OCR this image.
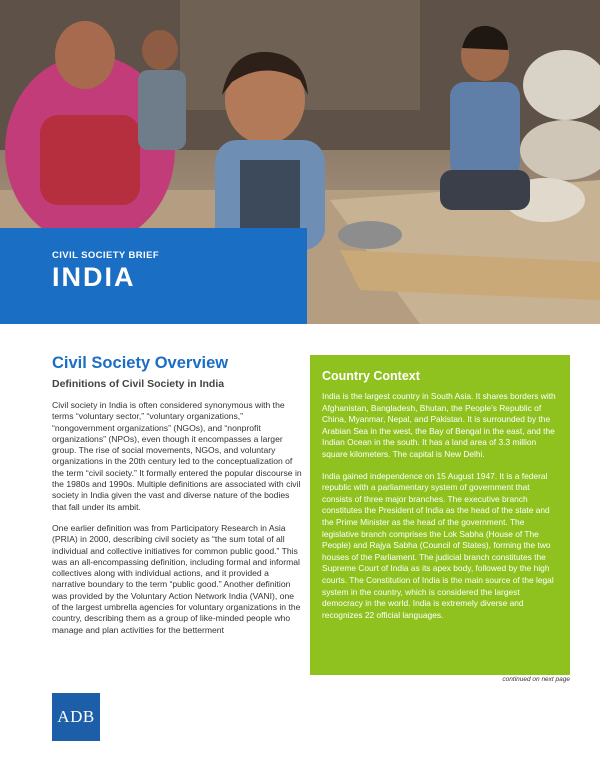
CIVIL SOCIETY BRIEF
INDIA
Civil Society Overview
Definitions of Civil Society in India

Civil society in India is often considered synonymous with the terms “voluntary sector,” “voluntary organizations,” “nongovernment organizations” (NGOs), and “nonprofit organizations” (NPOs), even though it encompasses a larger group. The rise of social movements, NGOs, and voluntary organizations in the 20th century led to the conceptualization of the term “civil society.” It formally entered the popular discourse in the 1980s and 1990s. Multiple definitions are associated with civil society in India given the vast and diverse nature of the bodies that fall under its ambit.

One earlier definition was from Participatory Research in Asia (PRIA) in 2000, describing civil society as “the sum total of all individual and collective initiatives for common public good.” This was an all-encompassing definition, including formal and informal collectives along with individual actions, and it provided a narrative boundary to the term “public good.” Another definition was provided by the Voluntary Action Network India (VANI), one of the largest umbrella agencies for voluntary organizations in the country, describing them as a group of like-minded people who manage and plan activities for the betterment

Country Context

India is the largest country in South Asia. It shares borders with Afghanistan, Bangladesh, Bhutan, the People’s Republic of China, Myanmar, Nepal, and Pakistan. It is surrounded by the Arabian Sea in the west, the Bay of Bengal in the east, and the Indian Ocean in the south. It has a land area of 3.3 million square kilometers. The capital is New Delhi.

India gained independence on 15 August 1947. It is a federal republic with a parliamentary system of government that consists of three major branches. The executive branch constitutes the President of India as the head of the state and the Prime Minister as the head of the government. The legislative branch comprises the Lok Sabha (House of The People) and Rajya Sabha (Council of States), forming the two houses of the Parliament. The judicial branch constitutes the Supreme Court of India as its apex body, followed by the high courts. The Constitution of India is the main source of the legal system in the country, which is considered the largest democracy in the world. India is extremely diverse and recognizes 22 official languages.

continued on next page
ADB
